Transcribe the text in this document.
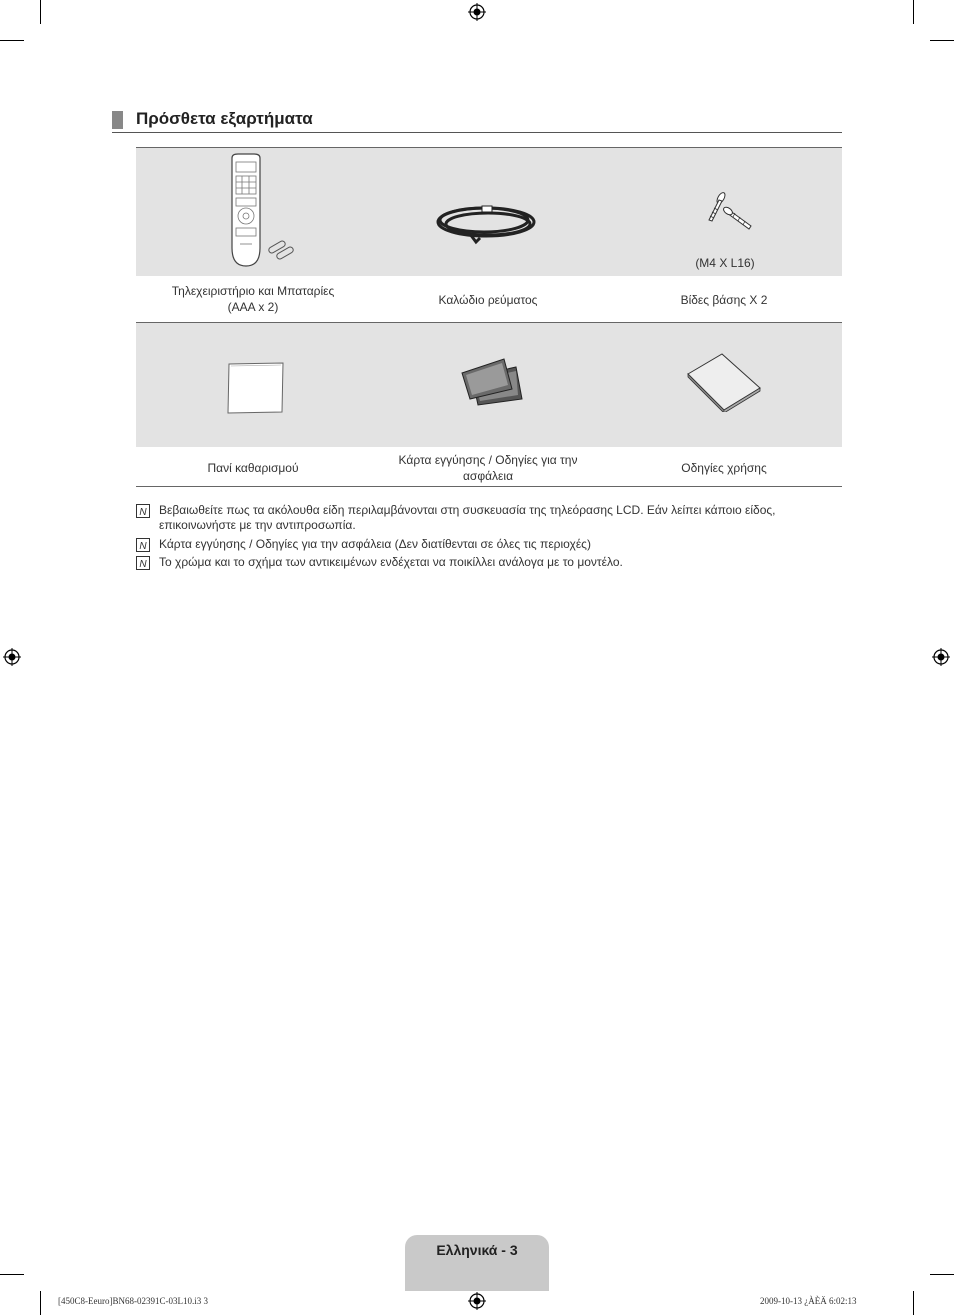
Πρόσθετα εξαρτήματα
(M4 X L16)
Τηλεχειριστήριο και Μπαταρίες
(AAA x 2)	Καλώδιο ρεύματος	Βίδες βάσης X 2
Πανί καθαρισμού
Κάρτα εγγύησης / Οδηγίες για την
ασφάλεια
Οδηγίες χρήσης
N Βεβαιωθείτε πως τα ακόλουθα είδη περιλαμβάνονται στη συσκευασία της τηλεόρασης LCD. Εάν λείπει κάποιο είδος,
επικοινωνήστε με την αντιπροσωπία.
N Κάρτα εγγύησης / Οδηγίες για την ασφάλεια (Δεν διατίθενται σε όλες τις περιοχές)
N Το χρώμα και το σχήμα των αντικειμένων ενδέχεται να ποικίλλει ανάλογα με το μοντέλο.
Ελληνικά - 3
[450C8-Eeuro]BN68-02391C-03L10.i3 3	2009-10-13 ¿ÀÈÄ 6:02:13
